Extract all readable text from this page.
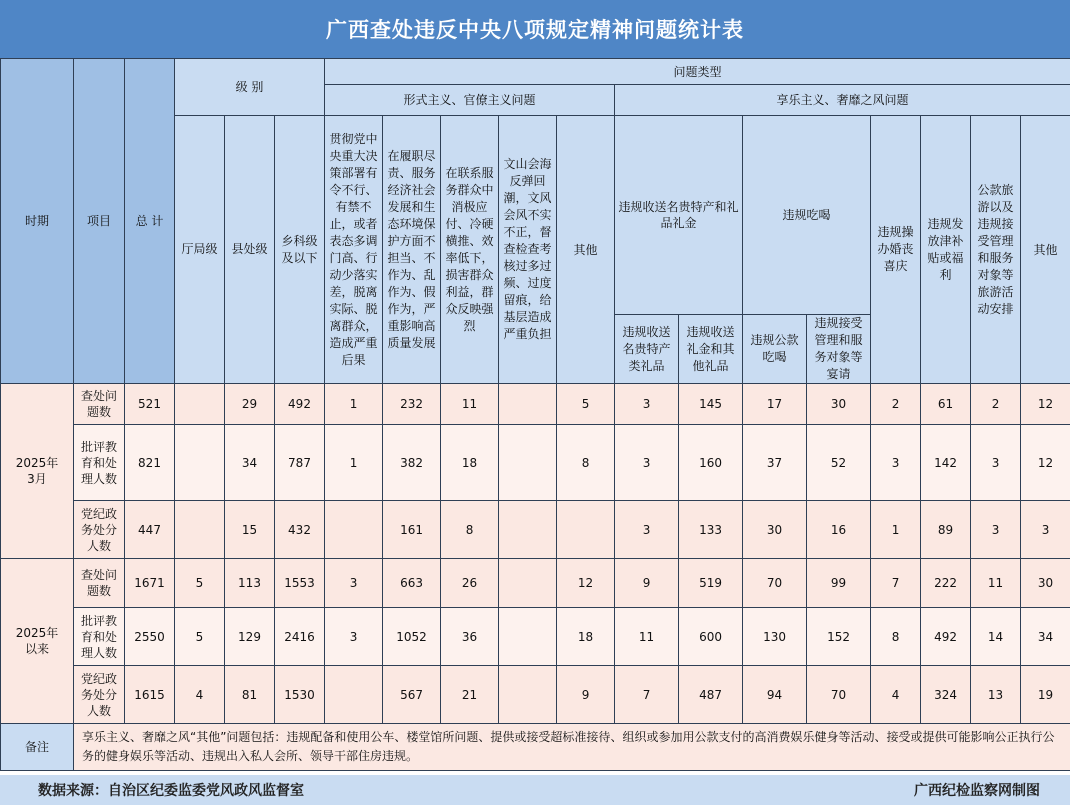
广西查处违反中央八项规定精神问题统计表
时期	项目	总 计	级 别			问题类型												
						形式主义、官僚主义问题					享乐主义、奢靡之风问题							
			厅局级	县处级	乡科级及以下	贯彻党中央重大决策部署有令不行、有禁不止，或者表态多调门高、行动少落实差，脱离实际、脱离群众，造成严重后果	在履职尽责、服务经济社会发展和生态环境保护方面不担当、不作为、乱作为、假作为，严重影响高质量发展	在联系服务群众中消极应付、冷硬横推、效率低下，损害群众利益，群众反映强烈	文山会海反弹回潮，文风会风不实不正，督查检查考核过多过频、过度留痕，给基层造成严重负担	其他	违规收送名贵特产和礼品礼金		违规吃喝		违规操办婚丧喜庆	违规发放津补贴或福利	公款旅游以及违规接受管理和服务对象等旅游活动安排	其他
											违规收送名贵特产类礼品	违规收送礼金和其他礼品	违规公款吃喝	违规接受管理和服务对象等宴请				

2025年3月	查处问题数	521		29	492	1	232	11		5	3	145	17	30	2	61	2	12
	批评教育和处理人数	821		34	787	1	382	18		8	3	160	37	52	3	142	3	12
	党纪政务处分人数	447		15	432		161	8			3	133	30	16	1	89	3	3
2025年以来	查处问题数	1671	5	113	1553	3	663	26		12	9	519	70	99	7	222	11	30
	批评教育和处理人数	2550	5	129	2416	3	1052	36		18	11	600	130	152	8	492	14	34
	党纪政务处分人数	1615	4	81	1530		567	21		9	7	487	94	70	4	324	13	19
备注	享乐主义、奢靡之风“其他”问题包括：违规配备和使用公车、楼堂馆所问题、提供或接受超标准接待、组织或参加用公款支付的高消费娱乐健身等活动、接受或提供可能影响公正执行公务的健身娱乐等活动、违规出入私人会所、领导干部住房违规。																	
数据来源：自治区纪委监委党风政风监督室	广西纪检监察网制图
